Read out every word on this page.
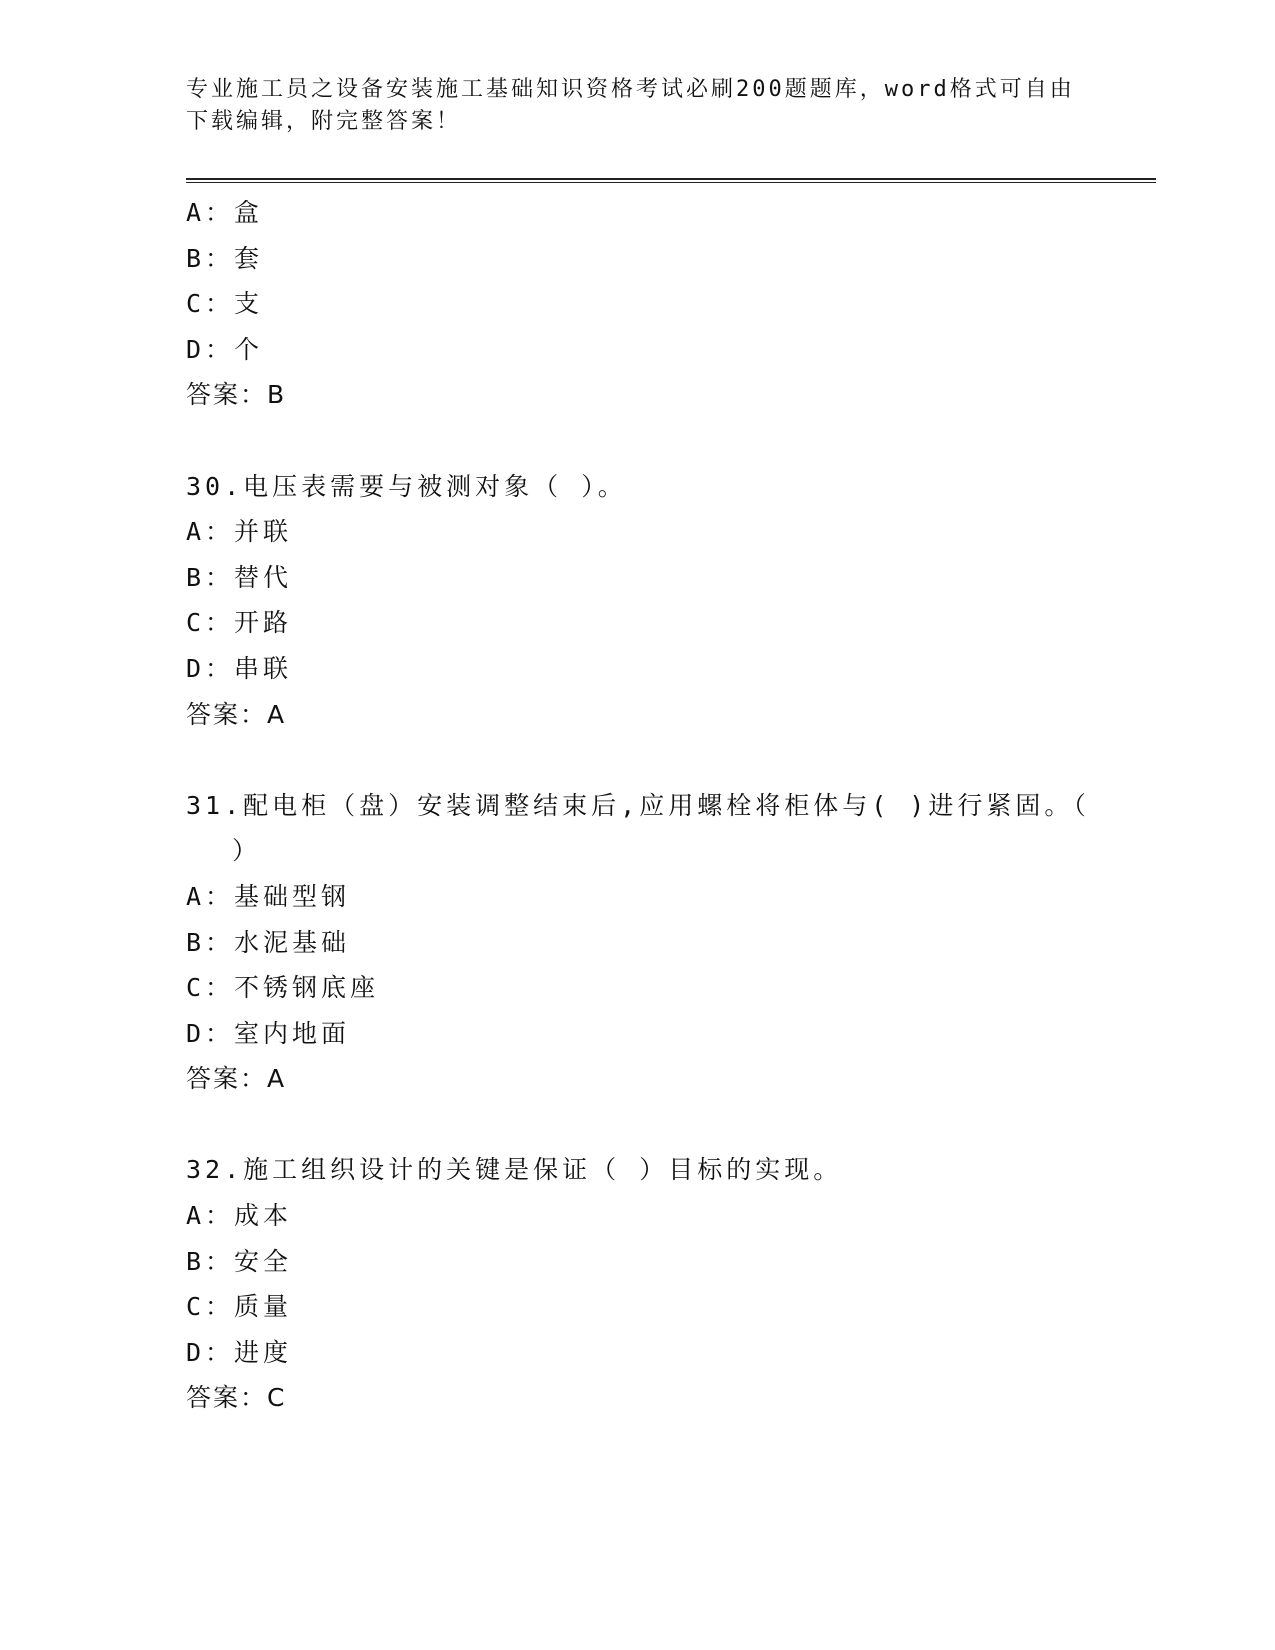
专业施工员之设备安装施工基础知识资格考试必刷200题题库，word格式可自由
下载编辑，附完整答案！
A：盒
B：套
C：支
D：个
答案：B
30.电压表需要与被测对象（ ）。
A：并联
B：替代
C：开路
D：串联
答案：A
31.配电柜（盘）安装调整结束后,应用螺栓将柜体与( )进行紧固。（
）
A：基础型钢
B：水泥基础
C：不锈钢底座
D：室内地面
答案：A
32.施工组织设计的关键是保证（ ）目标的实现。
A：成本
B：安全
C：质量
D：进度
答案：C
